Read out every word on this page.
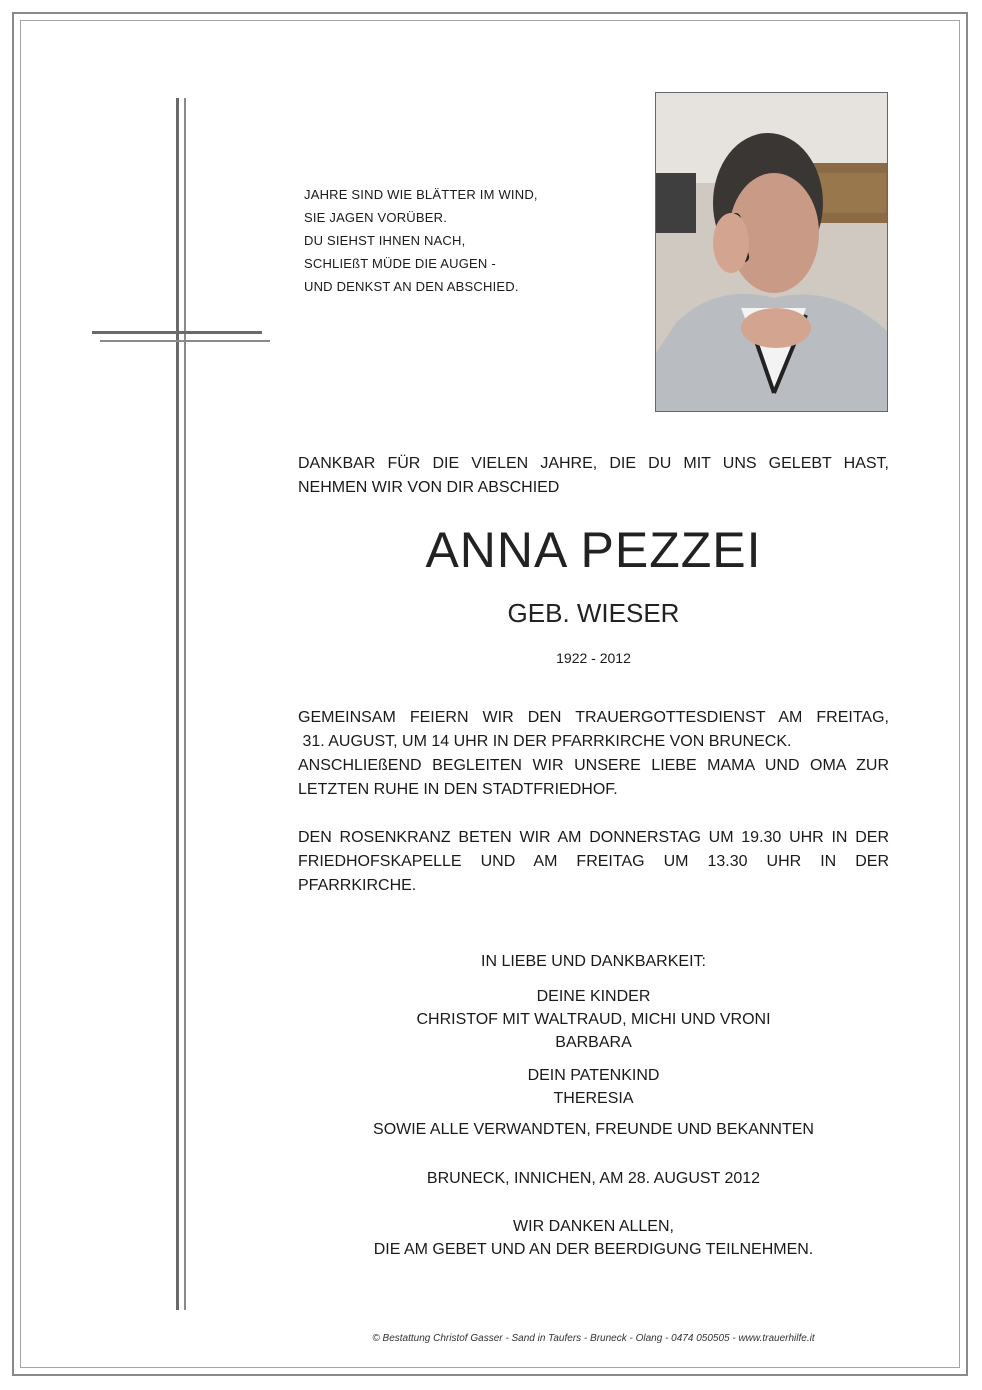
JAHRE SIND WIE BLÄTTER IM WIND,
SIE JAGEN VORÜBER.
DU SIEHST IHNEN NACH,
SCHLIEßT MÜDE DIE AUGEN -
UND DENKST AN DEN ABSCHIED.
DANKBAR FÜR DIE VIELEN JAHRE, DIE DU MIT UNS GELEBT HAST,
NEHMEN WIR VON DIR ABSCHIED
ANNA PEZZEI
GEB. WIESER
1922 - 2012
GEMEINSAM FEIERN WIR DEN TRAUERGOTTESDIENST AM FREITAG,
31. AUGUST, UM 14 UHR IN DER PFARRKIRCHE VON BRUNECK.
ANSCHLIEßEND BEGLEITEN WIR UNSERE LIEBE MAMA UND OMA ZUR
LETZTEN RUHE IN DEN STADTFRIEDHOF.
DEN ROSENKRANZ BETEN WIR AM DONNERSTAG UM 19.30 UHR IN DER
FRIEDHOFSKAPELLE UND AM FREITAG UM 13.30 UHR IN DER
PFARRKIRCHE.
IN LIEBE UND DANKBARKEIT:
DEINE KINDER
CHRISTOF MIT WALTRAUD, MICHI UND VRONI
BARBARA
DEIN PATENKIND
THERESIA
SOWIE ALLE VERWANDTEN, FREUNDE UND BEKANNTEN
BRUNECK, INNICHEN, AM 28. AUGUST 2012
WIR DANKEN ALLEN,
DIE AM GEBET UND AN DER BEERDIGUNG TEILNEHMEN.
© Bestattung Christof Gasser - Sand in Taufers - Bruneck - Olang - 0474 050505 - www.trauerhilfe.it
